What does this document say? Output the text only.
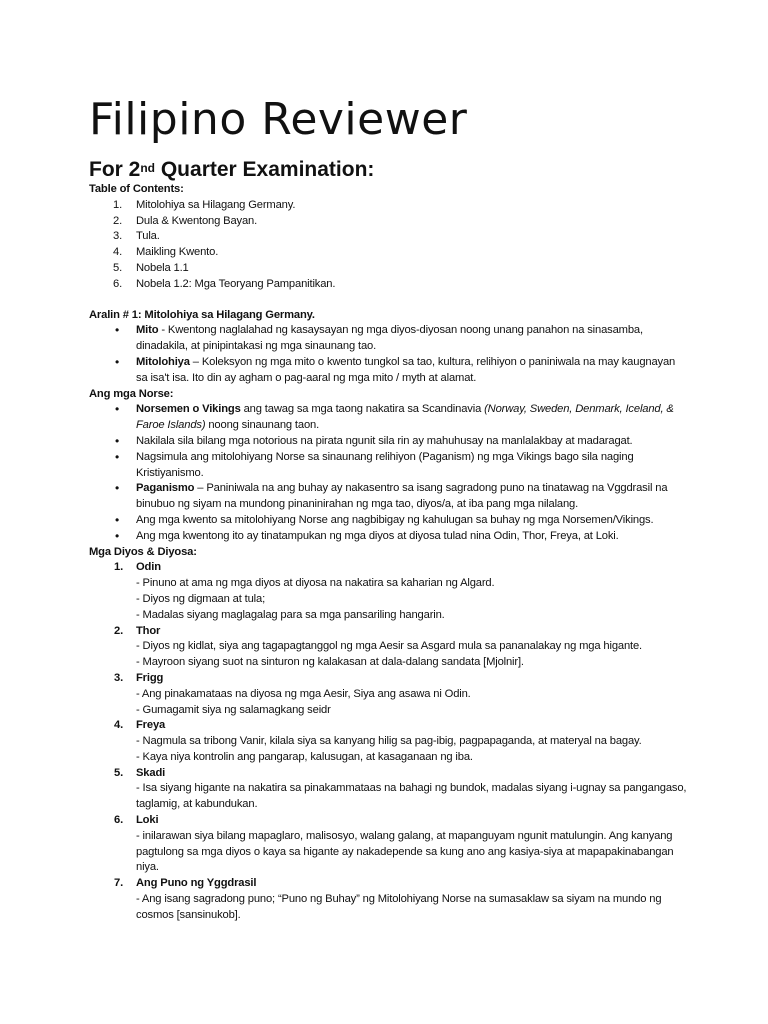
Filipino Reviewer
For 2nd Quarter Examination:
Table of Contents:
1. Mitolohiya sa Hilagang Germany.
2. Dula & Kwentong Bayan.
3. Tula.
4. Maikling Kwento.
5. Nobela 1.1
6. Nobela 1.2: Mga Teoryang Pampanitikan.
Aralin # 1: Mitolohiya sa Hilagang Germany.
• Mito - Kwentong naglalahad ng kasaysayan ng mga diyos-diyosan noong unang panahon na sinasamba, dinadakila, at pinipintakasi ng mga sinaunang tao.
• Mitolohiya – Koleksyon ng mga mito o kwento tungkol sa tao, kultura, relihiyon o paniniwala na may kaugnayan sa isa't isa. Ito din ay agham o pag-aaral ng mga mito / myth at alamat.
Ang mga Norse:
• Norsemen o Vikings ang tawag sa mga taong nakatira sa Scandinavia (Norway, Sweden, Denmark, Iceland, & Faroe Islands) noong sinaunang taon.
• Nakilala sila bilang mga notorious na pirata ngunit sila rin ay mahuhusay na manlalakbay at madaragat.
• Nagsimula ang mitolohiyang Norse sa sinaunang relihiyon (Paganism) ng mga Vikings bago sila naging Kristiyanismo.
• Paganismo – Paniniwala na ang buhay ay nakasentro sa isang sagradong puno na tinatawag na Vggdrasil na binubuo ng siyam na mundong pinaninirahan ng mga tao, diyos/a, at iba pang mga nilalang.
• Ang mga kwento sa mitolohiyang Norse ang nagbibigay ng kahulugan sa buhay ng mga Norsemen/Vikings.
• Ang mga kwentong ito ay tinatampukan ng mga diyos at diyosa tulad nina Odin, Thor, Freya, at Loki.
Mga Diyos & Diyosa:
1. Odin
- Pinuno at ama ng mga diyos at diyosa na nakatira sa kaharian ng Algard.
- Diyos ng digmaan at tula;
- Madalas siyang maglagalag para sa mga pansariling hangarin.
2. Thor
- Diyos ng kidlat, siya ang tagapagtanggol ng mga Aesir sa Asgard mula sa pananalakay ng mga higante.
- Mayroon siyang suot na sinturon ng kalakasan at dala-dalang sandata [Mjolnir].
3. Frigg
- Ang pinakamataas na diyosa ng mga Aesir, Siya ang asawa ni Odin.
- Gumagamit siya ng salamagkang seidr
4. Freya
- Nagmula sa tribong Vanir, kilala siya sa kanyang hilig sa pag-ibig, pagpapaganda, at materyal na bagay.
- Kaya niya kontrolin ang pangarap, kalusugan, at kasaganaan ng iba.
5. Skadi
- Isa siyang higante na nakatira sa pinakammataas na bahagi ng bundok, madalas siyang i-ugnay sa pangangaso, taglamig, at kabundukan.
6. Loki
- inilarawan siya bilang mapaglaro, malisosyo, walang galang, at mapanguyam ngunit matulungin. Ang kanyang pagtulong sa mga diyos o kaya sa higante ay nakadepende sa kung ano ang kasiya-siya at mapapakinabangan niya.
7. Ang Puno ng Yggdrasil
- Ang isang sagradong puno; “Puno ng Buhay” ng Mitolohiyang Norse na sumasaklaw sa siyam na mundo ng cosmos [sansinukob].
